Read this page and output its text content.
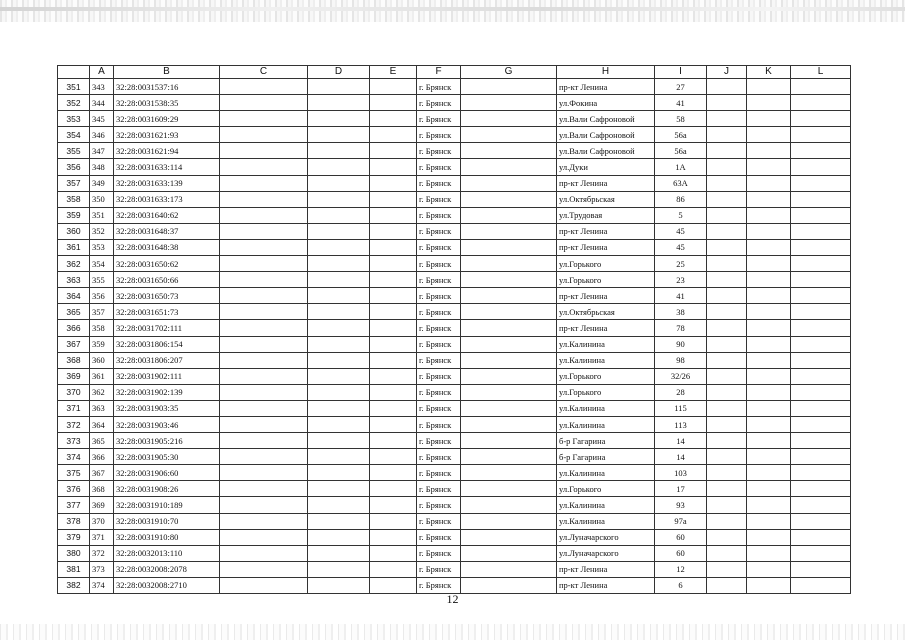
	A	B	C	D	E	F	G	H	I	J	K	L
351	343	32:28:0031537:16				г. Брянск		пр-кт Ленина	27			
352	344	32:28:0031538:35				г. Брянск		ул.Фокина	41			
353	345	32:28:0031609:29				г. Брянск		ул.Вали Сафроновой	58			
354	346	32:28:0031621:93				г. Брянск		ул.Вали Сафроновой	56а			
355	347	32:28:0031621:94				г. Брянск		ул.Вали Сафроновой	56а			
356	348	32:28:0031633:114				г. Брянск		ул.Дуки	1А			
357	349	32:28:0031633:139				г. Брянск		пр-кт Ленина	63А			
358	350	32:28:0031633:173				г. Брянск		ул.Октябрьская	86			
359	351	32:28:0031640:62				г. Брянск		ул.Трудовая	5			
360	352	32:28:0031648:37				г. Брянск		пр-кт Ленина	45			
361	353	32:28:0031648:38				г. Брянск		пр-кт Ленина	45			
362	354	32:28:0031650:62				г. Брянск		ул.Горького	25			
363	355	32:28:0031650:66				г. Брянск		ул.Горького	23			
364	356	32:28:0031650:73				г. Брянск		пр-кт Ленина	41			
365	357	32:28:0031651:73				г. Брянск		ул.Октябрьская	38			
366	358	32:28:0031702:111				г. Брянск		пр-кт Ленина	78			
367	359	32:28:0031806:154				г. Брянск		ул.Калинина	90			
368	360	32:28:0031806:207				г. Брянск		ул.Калинина	98			
369	361	32:28:0031902:111				г. Брянск		ул.Горького	32/26			
370	362	32:28:0031902:139				г. Брянск		ул.Горького	28			
371	363	32:28:0031903:35				г. Брянск		ул.Калинина	115			
372	364	32:28:0031903:46				г. Брянск		ул.Калинина	113			
373	365	32:28:0031905:216				г. Брянск		б-р Гагарина	14			
374	366	32:28:0031905:30				г. Брянск		б-р Гагарина	14			
375	367	32:28:0031906:60				г. Брянск		ул.Калинина	103			
376	368	32:28:0031908:26				г. Брянск		ул.Горького	17			
377	369	32:28:0031910:189				г. Брянск		ул.Калинина	93			
378	370	32:28:0031910:70				г. Брянск		ул.Калинина	97а			
379	371	32:28:0031910:80				г. Брянск		ул.Луначарского	60			
380	372	32:28:0032013:110				г. Брянск		ул.Луначарского	60			
381	373	32:28:0032008:2078				г. Брянск		пр-кт Ленина	12			
382	374	32:28:0032008:2710				г. Брянск		пр-кт Ленина	6			
12
